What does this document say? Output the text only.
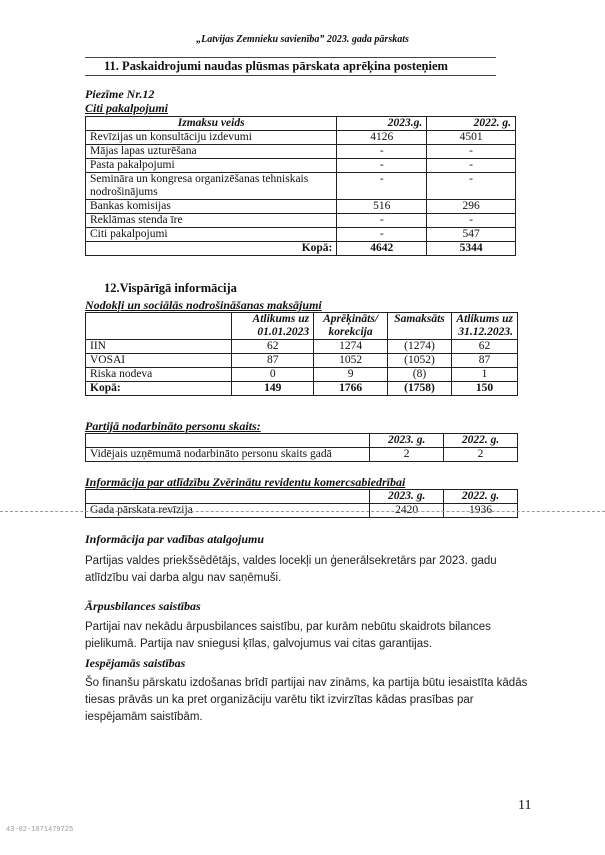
„Latvijas Zemnieku savienība” 2023. gada pārskats
11. Paskaidrojumi naudas plūsmas pārskata aprēķina posteņiem
Piezīme Nr.12
Citi pakalpojumi
Izmaksu veids	2023.g.	2022. g.
Revīzijas un konsultāciju izdevumi	4126	4501
Mājas lapas uzturēšana	-	-
Pasta pakalpojumi	-	-
Semināra un kongresa organizēšanas tehniskais nodrošinājums	-	-
Bankas komisijas	516	296
Reklāmas stenda īre	-	-
Citi pakalpojumi	-	547
Kopā:	4642	5344
12.Vispārīgā informācija
Nodokļi un sociālās nodrošināšanas maksājumi
	Atlikums uz 01.01.2023	Aprēķināts/ korekcija	Samaksāts	Atlikums uz 31.12.2023.
IIN	62	1274	(1274)	62
VOSAI	87	1052	(1052)	87
Riska nodeva	0	9	(8)	1
Kopā:	149	1766	(1758)	150
Partijā nodarbināto personu skaits:
	2023. g.	2022. g.
Vidējais uzņēmumā nodarbināto personu skaits gadā	2	2
Informācija par atlīdzību Zvērinātu revidentu komercsabiedrībai
	2023. g.	2022. g.
Gada pārskata revīzija	2420	1936
Informācija par vadības atalgojumu
Partijas valdes priekšsēdētājs, valdes locekļi un ģenerālsekretārs par 2023. gadu atlīdzību vai darba algu nav saņēmuši.
Ārpusbilances saistības
Partijai nav nekādu ārpusbilances saistību, par kurām nebūtu skaidrots bilances pielikumā. Partija nav sniegusi ķīlas, galvojumus vai citas garantijas.
Iespējamās saistības
Šo finanšu pārskatu izdošanas brīdī partijai nav zināms, ka partija būtu iesaistīta kādās tiesas prāvās un ka pret organizāciju varētu tikt izvirzītas kādas prasības par iespējamām saistībām.
11
43-02-1071479725
